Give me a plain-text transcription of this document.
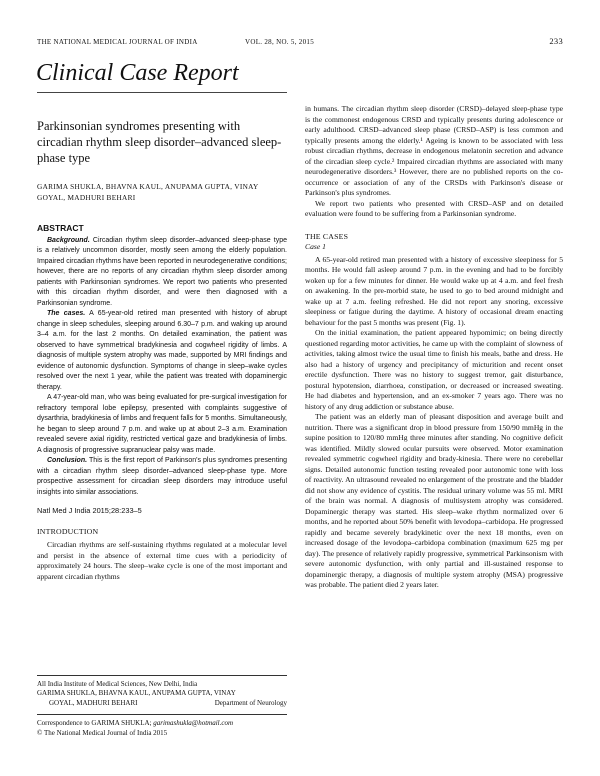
THE NATIONAL MEDICAL JOURNAL OF INDIA	VOL. 28, NO. 5, 2015	233
Clinical Case Report
Parkinsonian syndromes presenting with circadian rhythm sleep disorder–advanced sleep-phase type
GARIMA SHUKLA, BHAVNA KAUL, ANUPAMA GUPTA, VINAY GOYAL, MADHURI BEHARI
ABSTRACT

Background. Circadian rhythm sleep disorder–advanced sleep-phase type is a relatively uncommon disorder, mostly seen among the elderly population. Impaired circadian rhythms have been reported in neurodegenerative conditions; however, there are no reports of any circadian rhythm sleep disorder among patients with Parkinsonian syndromes. We report two patients who presented with this circadian rhythm disorder, and were then diagnosed with a Parkinsonian syndrome.

The cases. A 65-year-old retired man presented with history of abrupt change in sleep schedules, sleeping around 6.30–7 p.m. and waking up around 3–4 a.m. for the last 2 months. On detailed examination, the patient was observed to have symmetrical bradykinesia and cogwheel rigidity of limbs. A diagnosis of multiple system atrophy was made, supported by MRI findings and evidence of autonomic dysfunction. Symptoms of change in sleep–wake cycles resolved over the next 1 year, while the patient was treated with dopaminergic therapy.

A 47-year-old man, who was being evaluated for pre-surgical investigation for refractory temporal lobe epilepsy, presented with complaints suggestive of dysarthria, bradykinesia of limbs and frequent falls for 5 months. Simultaneously, he began to sleep around 7 p.m. and wake up at about 2–3 a.m. Examination revealed severe axial rigidity, restricted vertical gaze and bradykinesia of limbs. A diagnosis of progressive supranuclear palsy was made.

Conclusion. This is the first report of Parkinson's plus syndromes presenting with a circadian rhythm sleep disorder–advanced sleep-phase type. More prospective assessment for circadian sleep disorders may introduce useful insights into similar associations.

Natl Med J India 2015;28:233–5
INTRODUCTION

Circadian rhythms are self-sustaining rhythms regulated at a molecular level and persist in the absence of external time cues with a periodicity of approximately 24 hours. The sleep–wake cycle is one of the most important and apparent circadian rhythms

All India Institute of Medical Sciences, New Delhi, India
GARIMA SHUKLA, BHAVNA KAUL, ANUPAMA GUPTA, VINAY
GOYAL, MADHURI BEHARI	Department of Neurology
Correspondence to GARIMA SHUKLA; garimashukla@hotmail.com
© The National Medical Journal of India 2015

in humans. The circadian rhythm sleep disorder (CRSD)–delayed sleep-phase type is the commonest endogenous CRSD and typically presents during adolescence or early adulthood. CRSD–advanced sleep phase (CRSD–ASP) is less common and typically presents among the elderly.¹ Ageing is known to be associated with less robust circadian rhythms, decrease in endogenous melatonin secretion and advance of the circadian sleep cycle.² Impaired circadian rhythms are associated with many neurodegenerative disorders.³ However, there are no published reports on the co-occurrence or association of any of the CRSDs with Parkinson's disease or Parkinson's plus syndromes.

We report two patients who presented with CRSD–ASP and on detailed evaluation were found to be suffering from a Parkinsonian syndrome.

THE CASES
Case 1

A 65-year-old retired man presented with a history of excessive sleepiness for 5 months. He would fall asleep around 7 p.m. in the evening and had to be forcibly woken up for a few minutes for dinner. He would wake up at 4 a.m. and feel fresh on awakening. In the pre-morbid state, he used to go to bed around midnight and wake up at 7 a.m. feeling refreshed. He did not report any snoring, excessive sleepiness or fatigue during the daytime. A history of occasional dream enacting behaviour for the past 5 months was present (Fig. 1).

On the initial examination, the patient appeared hypomimic; on being directly questioned regarding motor activities, he came up with the complaint of slowness of activities, taking almost twice the usual time to finish his meals, bathe and dress. He also had a history of urgency and precipitancy of micturition and recent onset erectile dysfunction. There was no history to suggest tremor, gait disturbance, postural hypotension, diarrhoea, constipation, or decreased or increased sweating. He had diabetes and hypertension, and an ex-smoker 7 years ago. There was no history of any drug addiction or substance abuse.

The patient was an elderly man of pleasant disposition and average built and nutrition. There was a significant drop in blood pressure from 150/90 mmHg in the supine position to 120/80 mmHg three minutes after standing. No cognitive deficit was identified. Mildly slowed ocular pursuits were observed. Motor examination revealed symmetric cogwheel rigidity and brady-kinesia. There were no cerebellar signs. Detailed autonomic function testing revealed poor autonomic tone with loss of reactivity. An ultrasound revealed no enlargement of the prostrate and the bladder did not show any evidence of cystitis. The residual urinary volume was 55 ml. MRI of the brain was normal. A diagnosis of multisystem atrophy was considered. Dopaminergic therapy was started. His sleep–wake rhythm normalized over 6 months, and he reported about 50% benefit with levodopa–carbidopa. He progressed rapidly and became severely bradykinetic over the next 18 months, even on increased dosage of the levodopa–carbidopa combination (maximum 625 mg per day). The presence of relatively rapidly progressive, symmetrical Parkinsonism with severe autonomic dysfunction, with only partial and ill-sustained response to dopaminergic therapy, a diagnosis of multiple system atrophy (MSA) progressive was probable. The patient died 2 years later.
